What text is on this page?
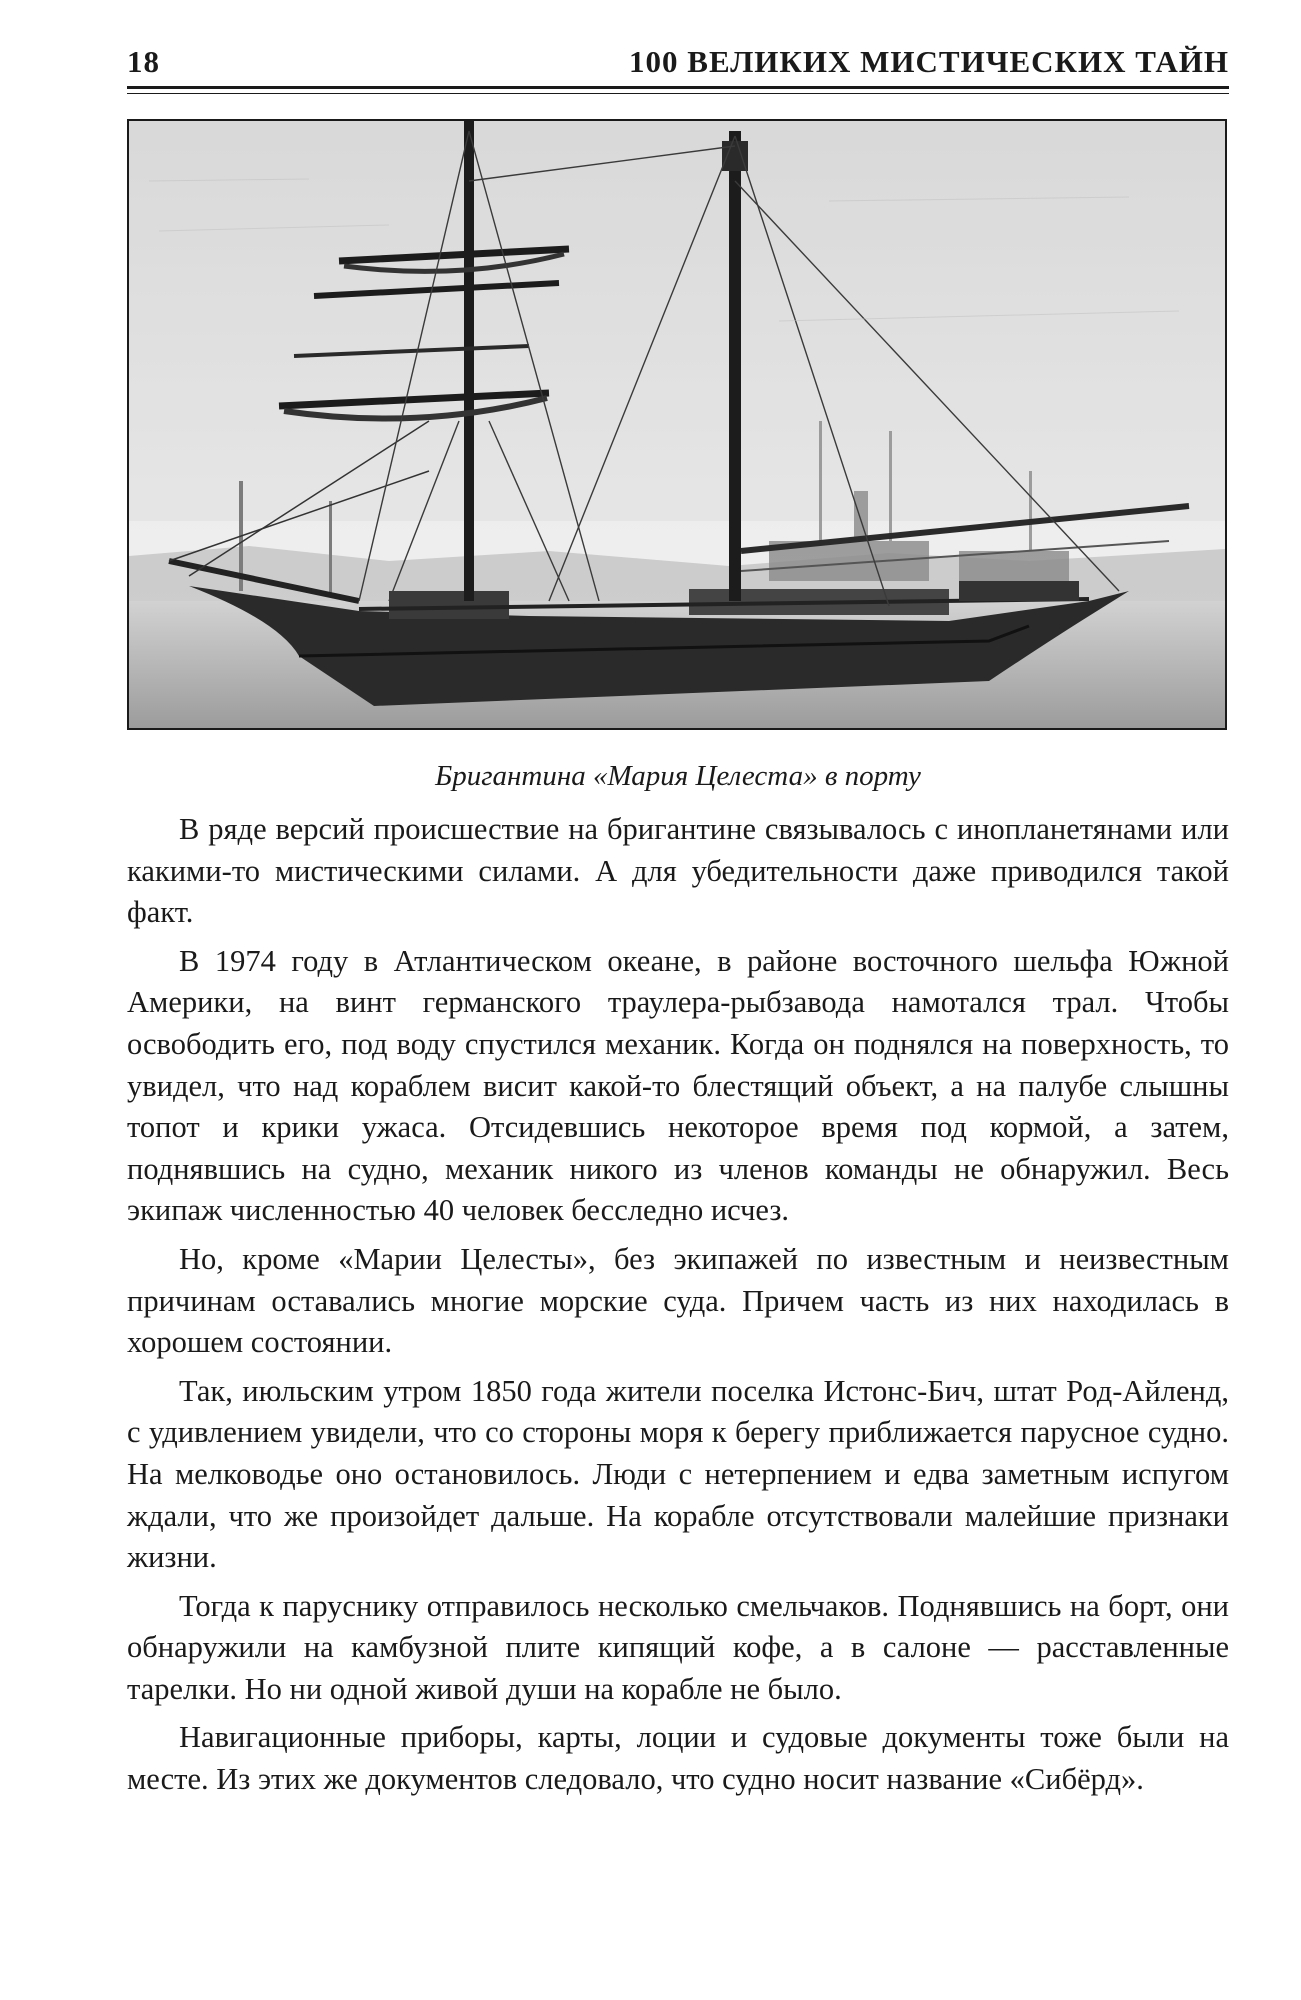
18	100 ВЕЛИКИХ МИСТИЧЕСКИХ ТАЙН
Бригантина «Мария Целеста» в порту

В ряде версий происшествие на бригантине связывалось с инопланетянами или какими-то мистическими силами. А для убедительности даже приводился такой факт.

В 1974 году в Атлантическом океане, в районе восточного шельфа Южной Америки, на винт германского траулера-рыбзавода намотался трал. Чтобы освободить его, под воду спустился механик. Когда он поднялся на поверхность, то увидел, что над кораблем висит какой-то блестящий объект, а на палубе слышны топот и крики ужаса. Отсидевшись некоторое время под кормой, а затем, поднявшись на судно, механик никого из членов команды не обнаружил. Весь экипаж численностью 40 человек бесследно исчез.

Но, кроме «Марии Целесты», без экипажей по известным и неизвестным причинам оставались многие морские суда. Причем часть из них находилась в хорошем состоянии.

Так, июльским утром 1850 года жители поселка Истонс-Бич, штат Род-Айленд, с удивлением увидели, что со стороны моря к берегу приближается парусное судно. На мелководье оно остановилось. Люди с нетерпением и едва заметным испугом ждали, что же произойдет дальше. На корабле отсутствовали малейшие признаки жизни.

Тогда к паруснику отправилось несколько смельчаков. Поднявшись на борт, они обнаружили на камбузной плите кипящий кофе, а в салоне — расставленные тарелки. Но ни одной живой души на корабле не было.

Навигационные приборы, карты, лоции и судовые документы тоже были на месте. Из этих же документов следовало, что судно носит название «Сибёрд».
